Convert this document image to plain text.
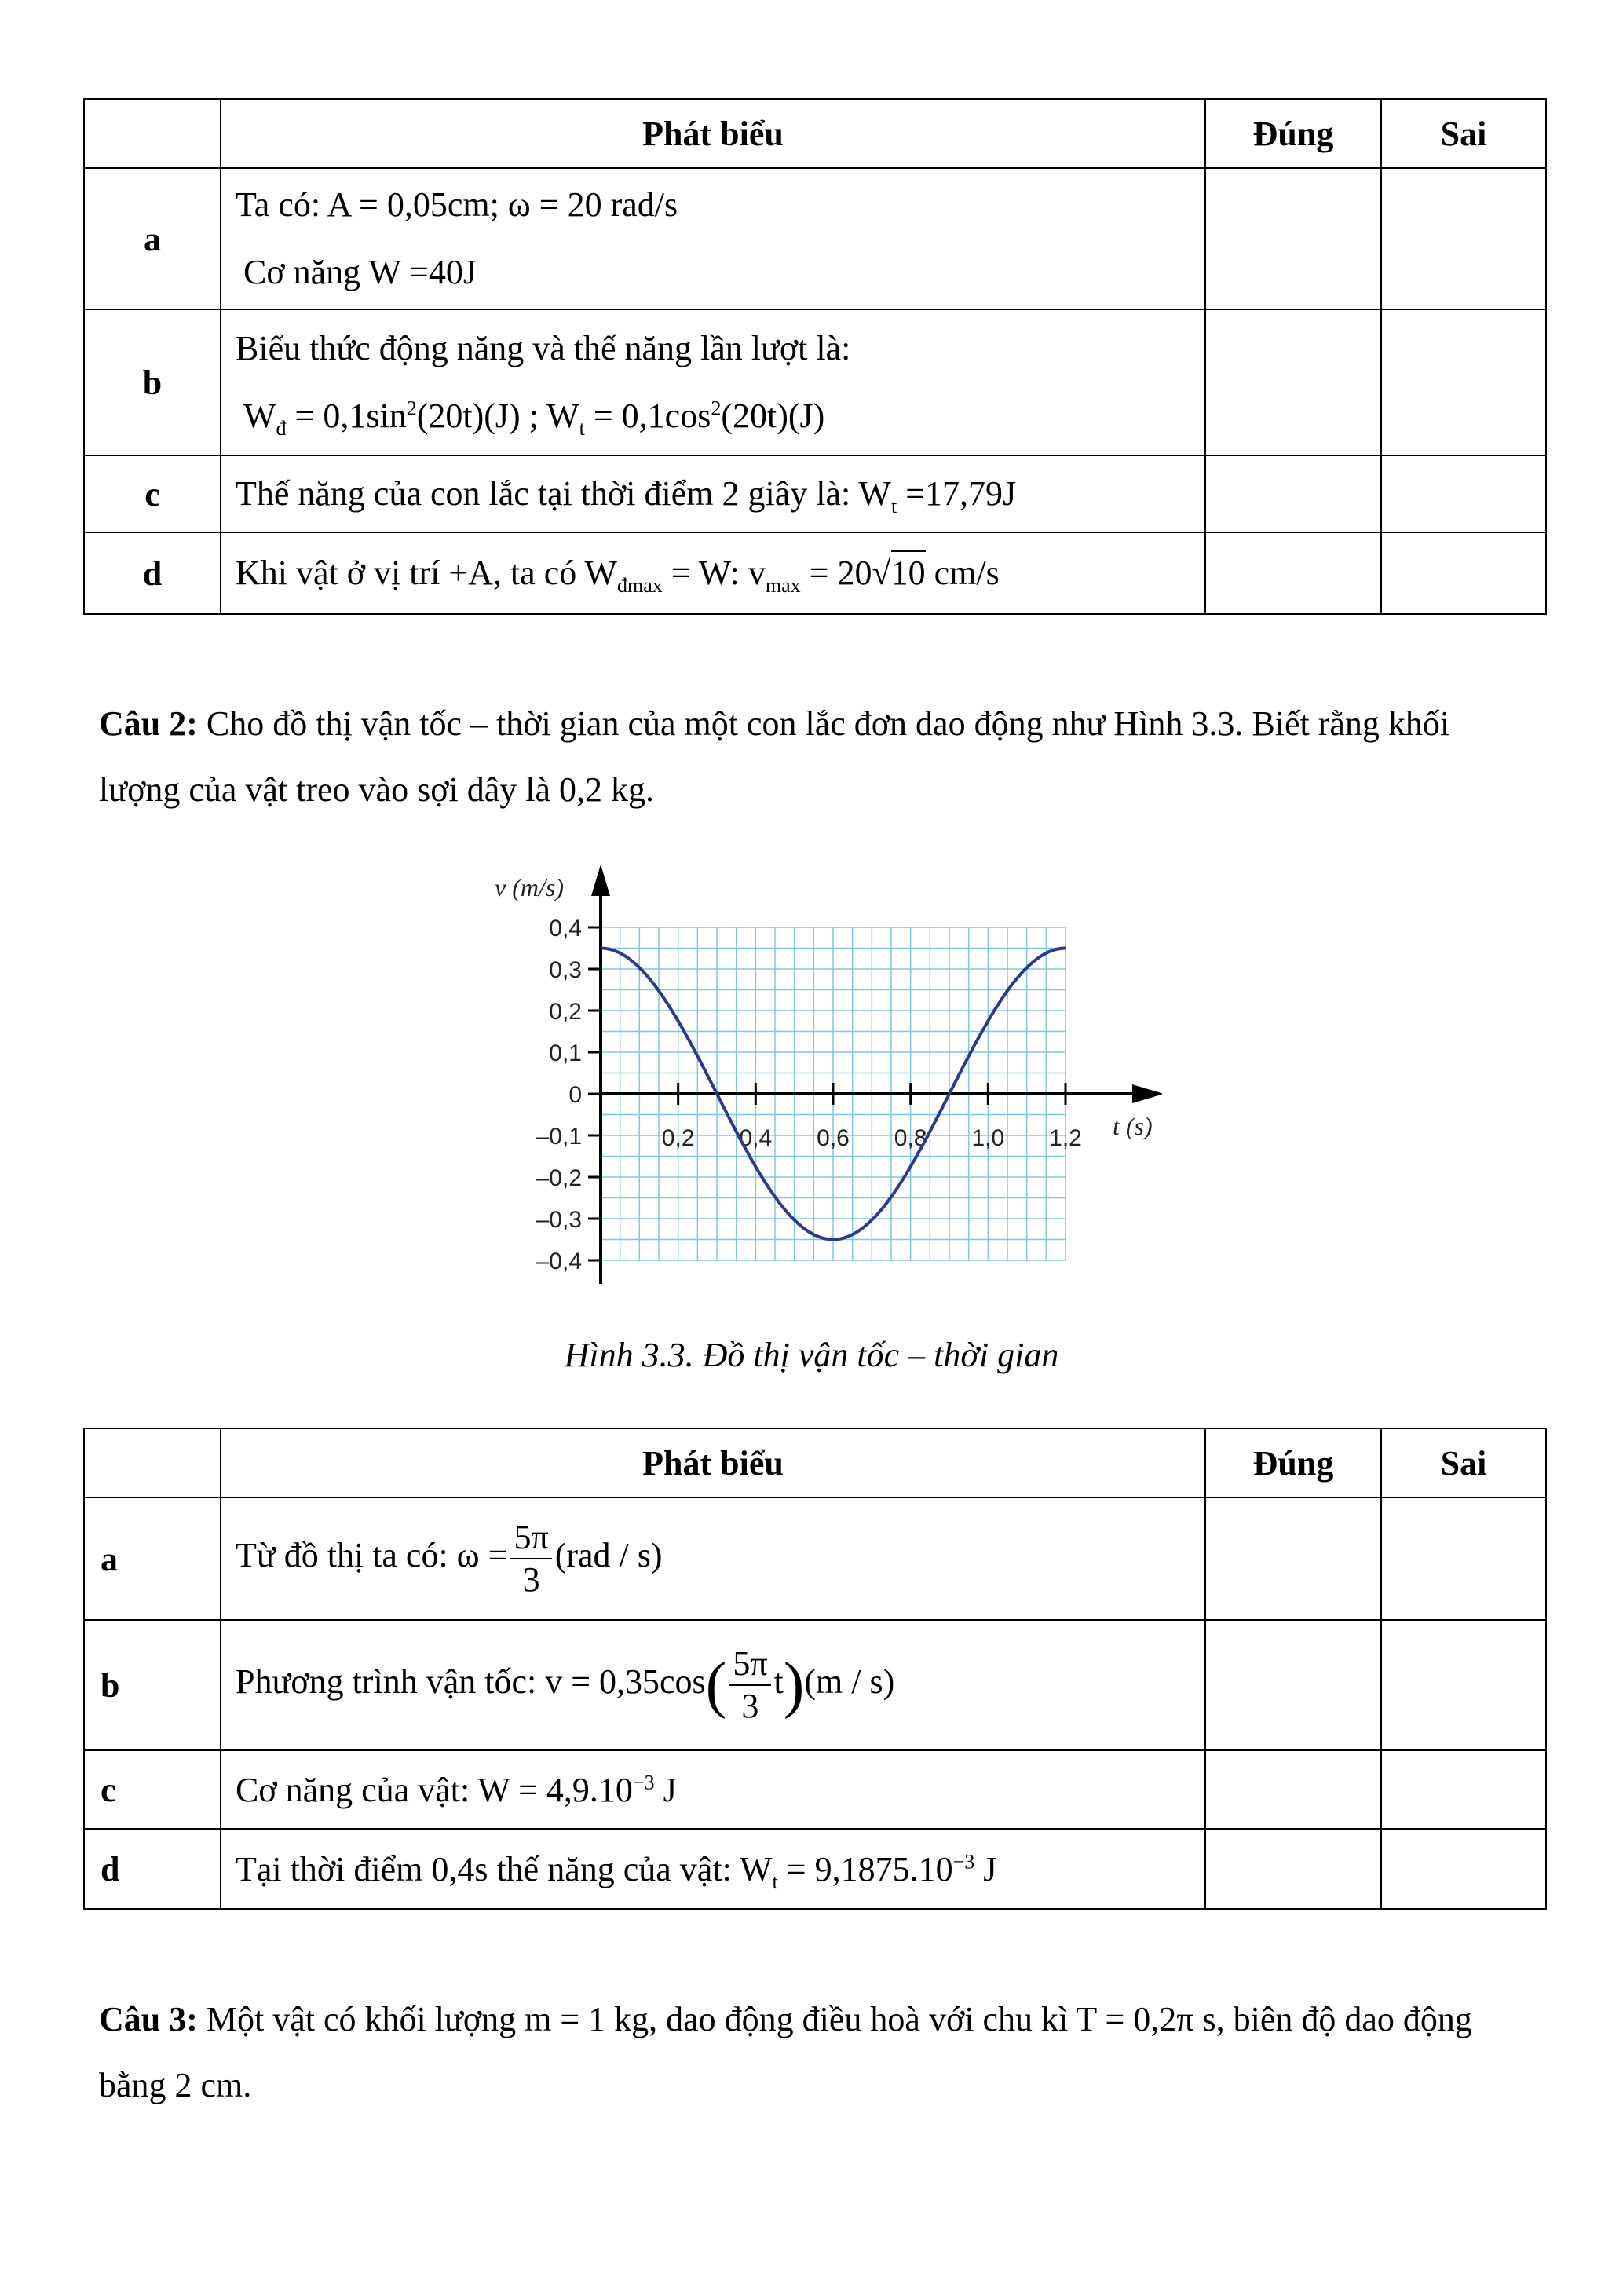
	Phát biểu	Đúng	Sai
a	Ta có: A = 0,05cm; ω = 20 rad/s
Cơ năng W =40J		

b	Biểu thức động năng và thế năng lần lượt là:
$W_đ = 0,1\sin^2(20t)(J)$ ; $W_t = 0,1\cos^2(20t)(J)$		

c	Thế năng của con lắc tại thời điểm 2 giây là: $W_t =17,79J$		

d	Khi vật ở vị trí +A, ta có $W_{đmax} = W$: $v_{max} = 20√10$ cm/s		

Câu 2: Cho đồ thị vận tốc – thời gian của một con lắc đơn dao động như Hình 3.3. Biết rằng khối lượng của vật treo vào sợi dây là 0,2 kg.
0,4
0,3
0,2
0,1
0
–0,1
–0,2
–0,3
–0,4
0,2 0,4 0,6 0,8 1,0 1,2
v (m/s)
t (s)
Hình 3.3. Đồ thị vận tốc – thời gian
	Phát biểu	Đúng	Sai
a	Từ đồ thị ta có: $\omega = \frac{5\pi}{3} (rad / s)$		
b	Phương trình vận tốc: $v = 0,35\cos( \frac{5\pi}{3} t)(m / s)$		
c	Cơ năng của vật: $W = 4,9.10^{-3}$ J		
d	Tại thời điểm 0,4s thế năng của vật: $W_t = 9,1875.10^{-3}$ J		
Câu 3: Một vật có khối lượng m = 1 kg, dao động điều hoà với chu kì T = 0,2π s, biên độ dao động bằng 2 cm.
